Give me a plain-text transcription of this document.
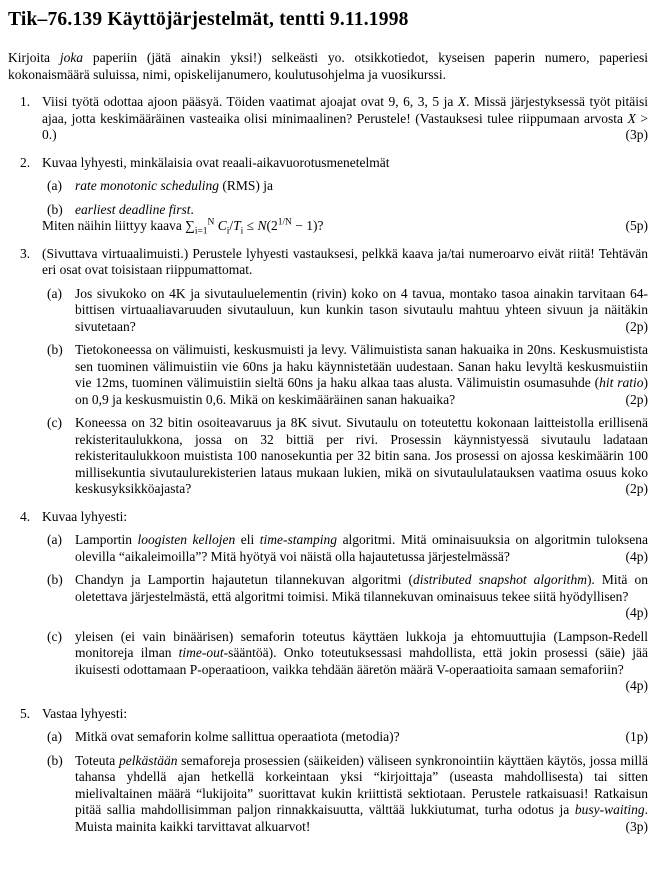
Tik–76.139 Käyttöjärjestelmät, tentti 9.11.1998

Kirjoita joka paperiin (jätä ainakin yksi!) selkeästi yo. otsikkotiedot, kyseisen paperin numero, paperiesi kokonaismäärä suluissa, nimi, opiskelijanumero, koulutusohjelma ja vuosikurssi.

1. Viisi työtä odottaa ajoon pääsyä. Töiden vaatimat ajoajat ovat 9, 6, 3, 5 ja X. Missä järjestyksessä työt pitäisi ajaa, jotta keskimääräinen vasteaika olisi minimaalinen? Perustele! (Vastauksesi tulee riippumaan arvosta X > 0.)	(3p)

2. Kuvaa lyhyesti, minkälaisia ovat reaali-aikavuorotusmenetelmät

(a) rate monotonic scheduling (RMS) ja

(b) earliest deadline first.

Miten näihin liittyy kaava $\sum_{i=1}^N$ $C_i/T_i \le N(2^{1/N} - 1)$?	(5p)

3. (Sivuttava virtuaalimuisti.) Perustele lyhyesti vastauksesi, pelkkä kaava ja/tai numeroarvo eivät riitä! Tehtävän eri osat ovat toisistaan riippumattomat.

(a) Jos sivukoko on 4K ja sivutauluelementin (rivin) koko on 4 tavua, montako tasoa ainakin tarvitaan 64-bittisen virtuaaliavaruuden sivutauluun, kun kunkin tason sivutaulu mahtuu yhteen sivuun ja näitäkin sivutetaan?	(2p)

(b) Tietokoneessa on välimuisti, keskusmuisti ja levy. Välimuistista sanan hakuaika in 20ns. Keskusmuistista sen tuominen välimuistiin vie 60ns ja haku käynnistetään uudestaan. Sanan haku levyltä keskusmuistiin vie 12ms, tuominen välimuistiin sieltä 60ns ja haku alkaa taas alusta. Välimuistin osumasuhde (hit ratio) on 0,9 ja keskusmuistin 0,6. Mikä on keskimääräinen sanan hakuaika?	(2p)

(c) Koneessa on 32 bitin osoiteavaruus ja 8K sivut. Sivutaulu on toteutettu kokonaan laitteistolla erillisenä rekisteritaulukkona, jossa on 32 bittiä per rivi. Prosessin käynnistyessä sivutaulu ladataan rekisteritaulukkoon muistista 100 nanosekuntia per 32 bitin sana. Jos prosessi on ajossa keskimäärin 100 millisekuntia sivutaulurekisterien lataus mukaan lukien, mikä on sivutaululatauksen vaatima osuus koko keskusyksikköajasta?	(2p)

4. Kuvaa lyhyesti:

(a) Lamportin loogisten kellojen eli time-stamping algoritmi. Mitä ominaisuuksia on algoritmin tuloksena olevilla “aikaleimoilla”? Mitä hyötyä voi näistä olla hajautetussa järjestelmässä?	(4p)

(b) Chandyn ja Lamportin hajautetun tilannekuvan algoritmi (distributed snapshot algorithm). Mitä on oletettava järjestelmästä, että algoritmi toimisi. Mikä tilannekuvan ominaisuus tekee siitä hyödyllisen?
(4p)

(c) yleisen (ei vain binäärisen) semaforin toteutus käyttäen lukkoja ja ehtomuuttujia (Lampson-Redell monitoreja ilman time-out-sääntöä). Onko toteutuksessasi mahdollista, että jokin prosessi (säie) jää ikuisesti odottamaan P-operaatioon, vaikka tehdään ääretön määrä V-operaatioita samaan semaforiin?
(4p)

5. Vastaa lyhyesti:

(a) Mitkä ovat semaforin kolme sallittua operaatiota (metodia)?	(1p)

(b) Toteuta pelkästään semaforeja prosessien (säikeiden) väliseen synkronointiin käyttäen käytös, jossa millä tahansa yhdellä ajan hetkellä korkeintaan yksi “kirjoittaja” (useasta mahdollisesta) tai sitten mielivaltainen määrä “lukijoita” suorittavat kukin kriittistä sektiotaan. Perustele ratkaisuasi! Ratkaisun pitää sallia mahdollisimman paljon rinnakkaisuutta, välttää lukkiutumat, turha odotus ja busy-waiting. Muista mainita kaikki tarvittavat alkuarvot!	(3p)
